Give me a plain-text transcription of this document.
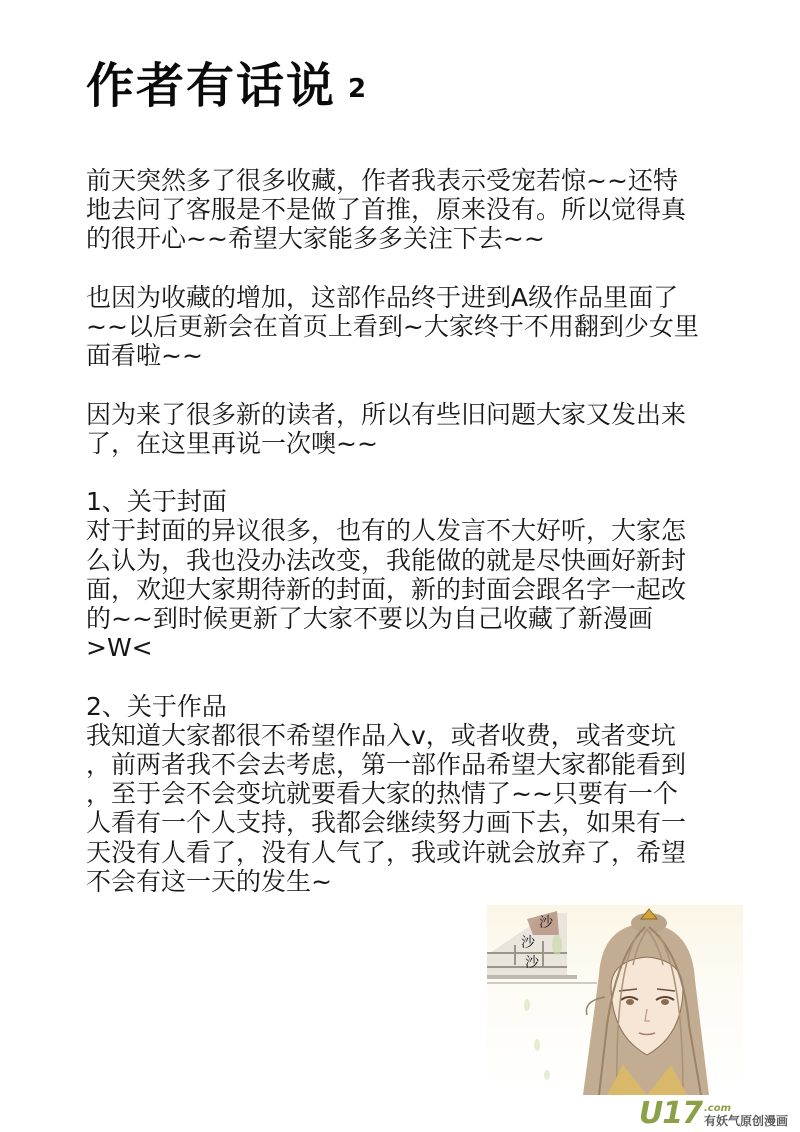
作者有话说 2

前天突然多了很多收藏，作者我表示受宠若惊~~还特
地去问了客服是不是做了首推，原来没有。所以觉得真
的很开心~~希望大家能多多关注下去~~

也因为收藏的增加，这部作品终于进到A级作品里面了
~~以后更新会在首页上看到~大家终于不用翻到少女里
面看啦~~

因为来了很多新的读者，所以有些旧问题大家又发出来
了，在这里再说一次噢~~

1、关于封面
对于封面的异议很多，也有的人发言不大好听，大家怎
么认为，我也没办法改变，我能做的就是尽快画好新封
面，欢迎大家期待新的封面，新的封面会跟名字一起改
的~~到时候更新了大家不要以为自己收藏了新漫画
>W<

2、关于作品
我知道大家都很不希望作品入v，或者收费，或者变坑
，前两者我不会去考虑，第一部作品希望大家都能看到
，至于会不会变坑就要看大家的热情了~~只要有一个
人看有一个人支持，我都会继续努力画下去，如果有一
天没有人看了，没有人气了，我或许就会放弃了，希望
不会有这一天的发生~

沙
沙
沙
U17 .com
有妖气原创漫画
